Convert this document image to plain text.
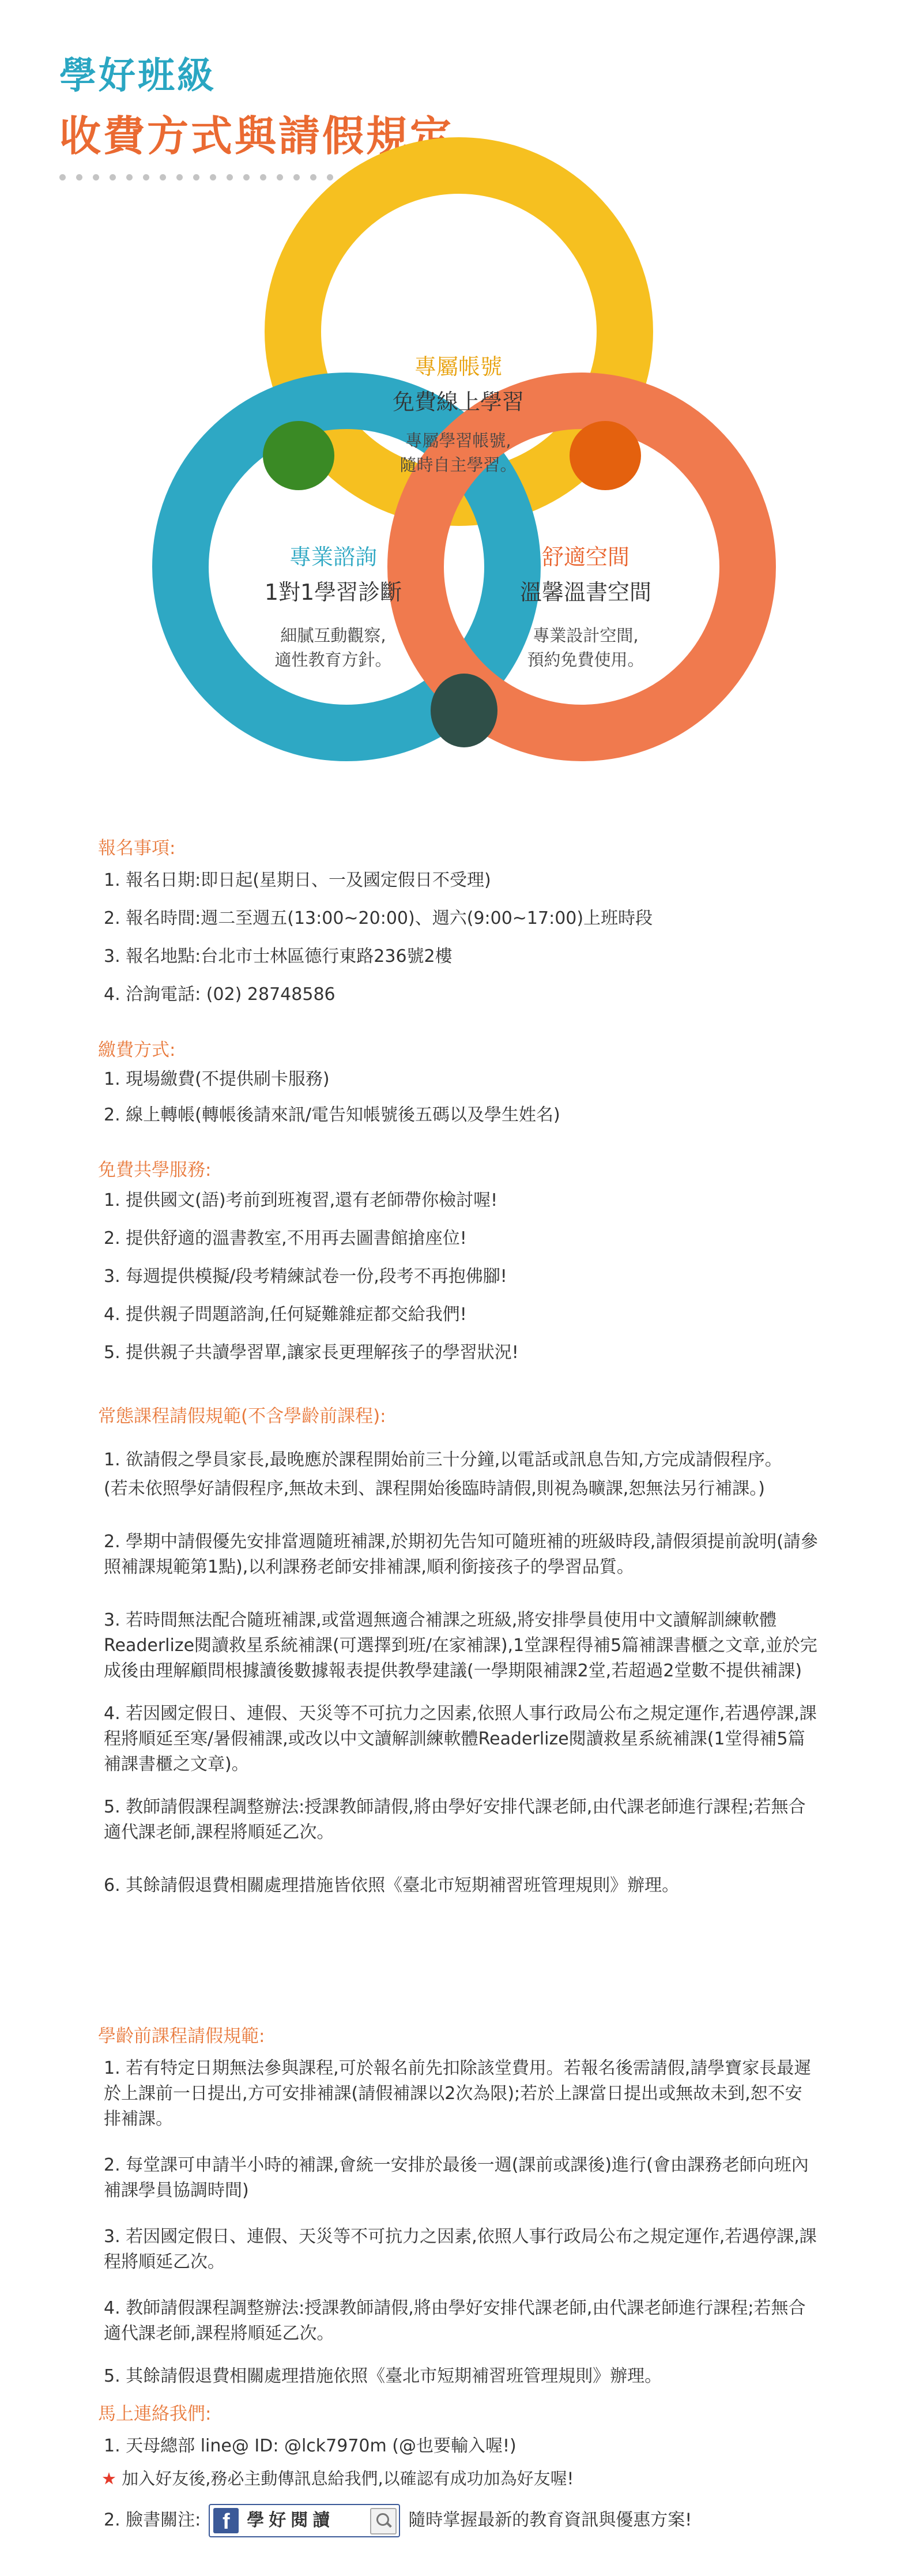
學好班級
收費方式與請假規定
專屬帳號
免費線上學習
專屬學習帳號,
隨時自主學習。
專業諮詢
1對1學習診斷
細膩互動觀察,
適性教育方針。
舒適空間
溫馨溫書空間
專業設計空間,
預約免費使用。
報名事項:
1. 報名日期:即日起(星期日、一及國定假日不受理)
2. 報名時間:週二至週五(13:00~20:00)、週六(9:00~17:00)上班時段
3. 報名地點:台北市士林區德行東路236號2樓
4. 洽詢電話: (02) 28748586
繳費方式:
1. 現場繳費(不提供刷卡服務)
2. 線上轉帳(轉帳後請來訊/電告知帳號後五碼以及學生姓名)
免費共學服務:
1. 提供國文(語)考前到班複習,還有老師帶你檢討喔!
2. 提供舒適的溫書教室,不用再去圖書館搶座位!
3. 每週提供模擬/段考精練試卷一份,段考不再抱佛腳!
4. 提供親子問題諮詢,任何疑難雜症都交給我們!
5. 提供親子共讀學習單,讓家長更理解孩子的學習狀況!
常態課程請假規範(不含學齡前課程):
1. 欲請假之學員家長,最晚應於課程開始前三十分鐘,以電話或訊息告知,方完成請假程序。
(若未依照學好請假程序,無故未到、課程開始後臨時請假,則視為曠課,恕無法另行補課。)
2. 學期中請假優先安排當週隨班補課,於期初先告知可隨班補的班級時段,請假須提前說明(請參照補課規範第1點),以利課務老師安排補課,順利銜接孩子的學習品質。
3. 若時間無法配合隨班補課,或當週無適合補課之班級,將安排學員使用中文讀解訓練軟體Readerlize閱讀救星系統補課(可選擇到班/在家補課),1堂課程得補5篇補課書櫃之文章,並於完成後由理解顧問根據讀後數據報表提供教學建議(一學期限補課2堂,若超過2堂數不提供補課)
4. 若因國定假日、連假、天災等不可抗力之因素,依照人事行政局公布之規定運作,若遇停課,課程將順延至寒/暑假補課,或改以中文讀解訓練軟體Readerlize閱讀救星系統補課(1堂得補5篇補課書櫃之文章)。
5. 教師請假課程調整辦法:授課教師請假,將由學好安排代課老師,由代課老師進行課程;若無合適代課老師,課程將順延乙次。
6. 其餘請假退費相關處理措施皆依照《臺北市短期補習班管理規則》辦理。
學齡前課程請假規範:
1. 若有特定日期無法參與課程,可於報名前先扣除該堂費用。若報名後需請假,請學寶家長最遲於上課前一日提出,方可安排補課(請假補課以2次為限);若於上課當日提出或無故未到,恕不安排補課。
2. 每堂課可申請半小時的補課,會統一安排於最後一週(課前或課後)進行(會由課務老師向班內補課學員協調時間)
3. 若因國定假日、連假、天災等不可抗力之因素,依照人事行政局公布之規定運作,若遇停課,課程將順延乙次。
4. 教師請假課程調整辦法:授課教師請假,將由學好安排代課老師,由代課老師進行課程;若無合適代課老師,課程將順延乙次。
5. 其餘請假退費相關處理措施依照《臺北市短期補習班管理規則》辦理。
馬上連絡我們:
1. 天母總部 line@ ID: @lck7970m (@也要輸入喔!)
★ 加入好友後,務必主動傳訊息給我們,以確認有成功加為好友喔!
2. 臉書關注: f 學好閱讀	隨時掌握最新的教育資訊與優惠方案!
